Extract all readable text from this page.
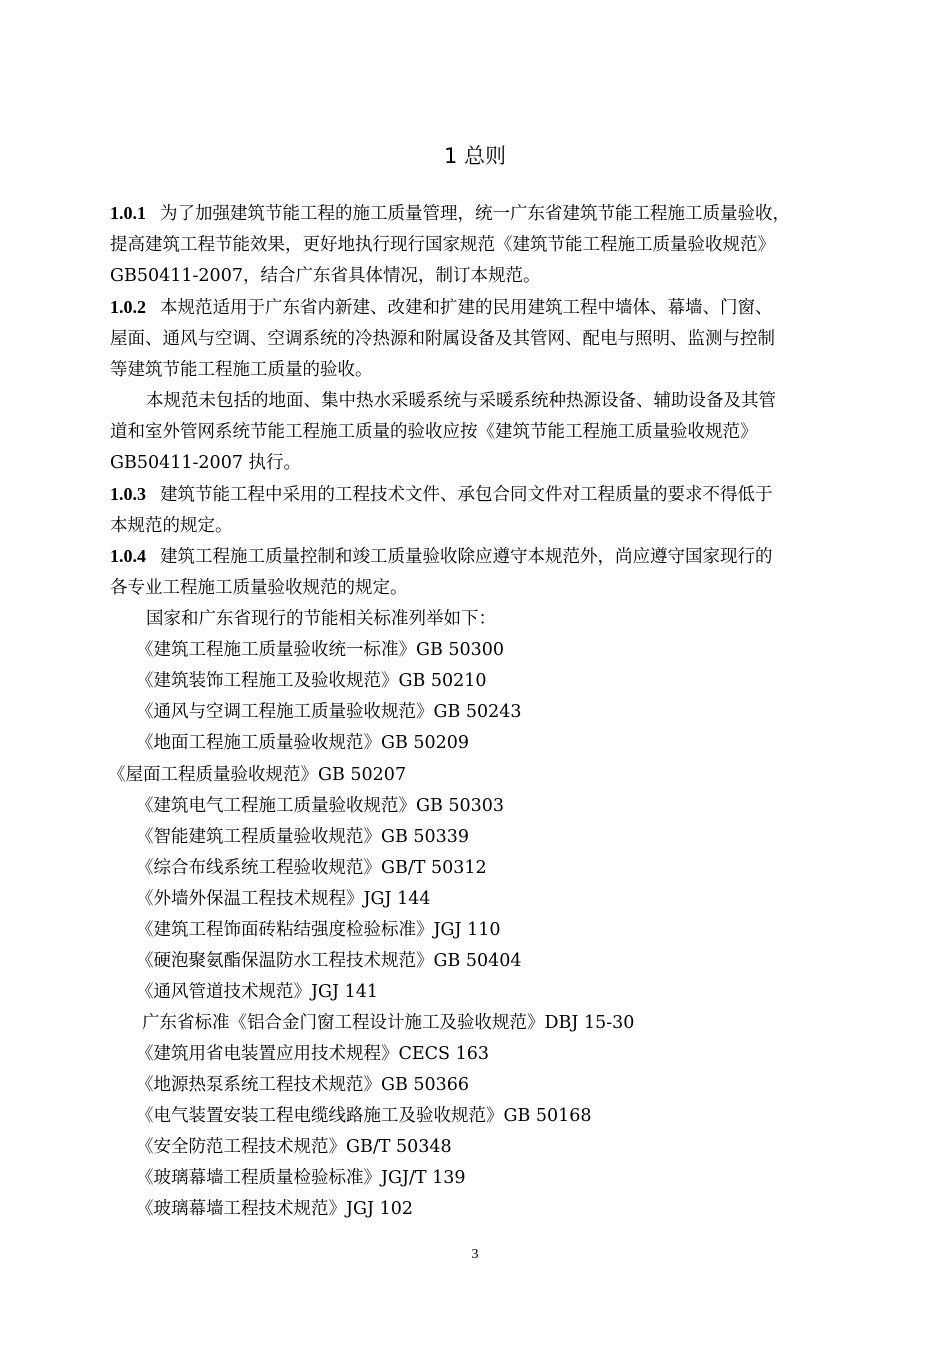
1 总则
1.0.1 为了加强建筑节能工程的施工质量管理，统一广东省建筑节能工程施工质量验收，
提高建筑工程节能效果，更好地执行现行国家规范《建筑节能工程施工质量验收规范》
GB50411-2007，结合广东省具体情况，制订本规范。
1.0.2 本规范适用于广东省内新建、改建和扩建的民用建筑工程中墙体、幕墙、门窗、
屋面、通风与空调、空调系统的冷热源和附属设备及其管网、配电与照明、监测与控制
等建筑节能工程施工质量的验收。
本规范未包括的地面、集中热水采暖系统与采暖系统种热源设备、辅助设备及其管
道和室外管网系统节能工程施工质量的验收应按《建筑节能工程施工质量验收规范》
GB50411-2007 执行。
1.0.3 建筑节能工程中采用的工程技术文件、承包合同文件对工程质量的要求不得低于
本规范的规定。
1.0.4 建筑工程施工质量控制和竣工质量验收除应遵守本规范外，尚应遵守国家现行的
各专业工程施工质量验收规范的规定。
国家和广东省现行的节能相关标准列举如下：
《建筑工程施工质量验收统一标准》GB 50300
《建筑装饰工程施工及验收规范》GB 50210
《通风与空调工程施工质量验收规范》GB 50243
《地面工程施工质量验收规范》GB 50209
《屋面工程质量验收规范》GB 50207
《建筑电气工程施工质量验收规范》GB 50303
《智能建筑工程质量验收规范》GB 50339
《综合布线系统工程验收规范》GB/T 50312
《外墙外保温工程技术规程》JGJ 144
《建筑工程饰面砖粘结强度检验标准》JGJ 110
《硬泡聚氨酯保温防水工程技术规范》GB 50404
《通风管道技术规范》JGJ 141
广东省标准《铝合金门窗工程设计施工及验收规范》DBJ 15-30
《建筑用省电装置应用技术规程》CECS 163
《地源热泵系统工程技术规范》GB 50366
《电气装置安装工程电缆线路施工及验收规范》GB 50168
《安全防范工程技术规范》GB/T 50348
《玻璃幕墙工程质量检验标准》JGJ/T 139
《玻璃幕墙工程技术规范》JGJ 102
3
